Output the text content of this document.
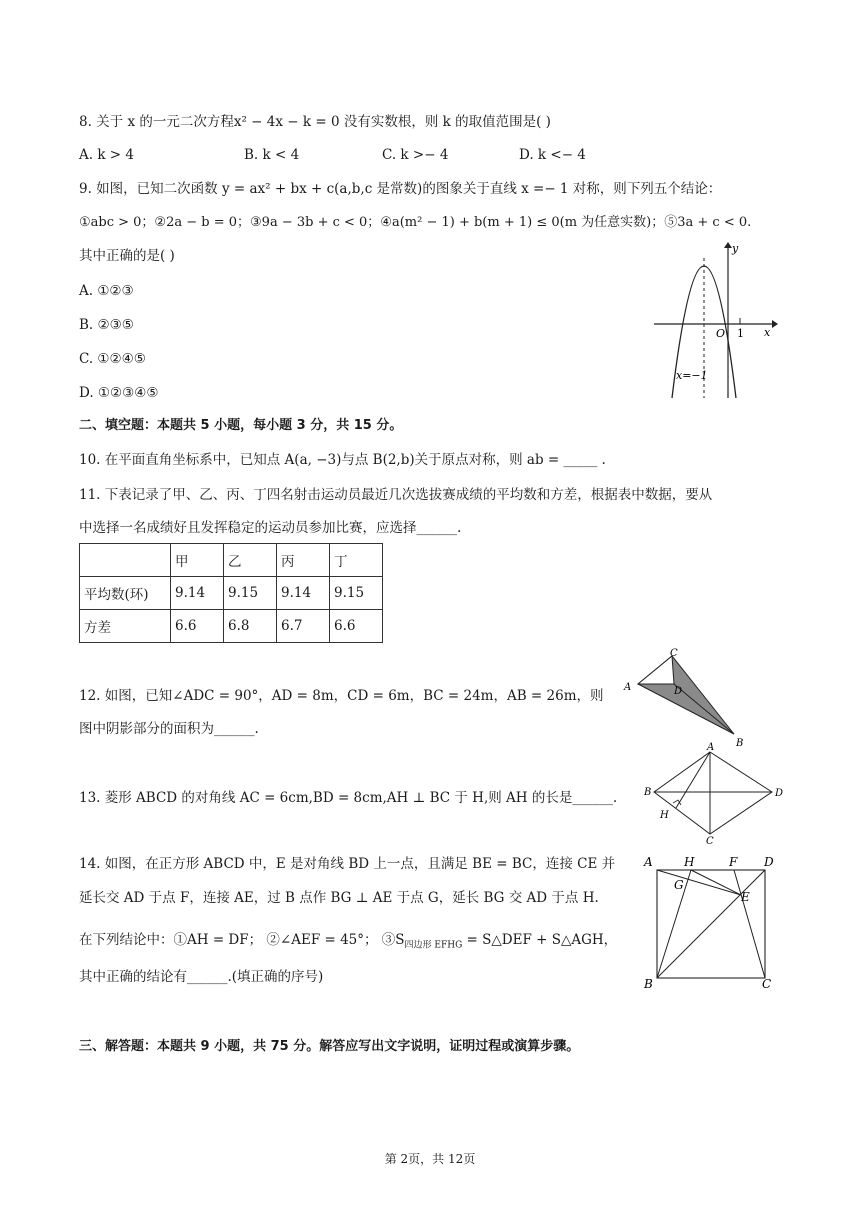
8. 关于 x 的一元二次方程x² − 4x − k = 0 没有实数根，则 k 的取值范围是( )
A. k > 4	B. k < 4	C. k >− 4	D. k <− 4
9. 如图，已知二次函数 y = ax² + bx + c(a,b,c 是常数)的图象关于直线 x =− 1 对称，则下列五个结论：
①abc > 0；②2a − b = 0；③9a − 3b + c < 0；④a(m² − 1) + b(m + 1) ≤ 0(m 为任意实数)；⑤3a + c < 0.
其中正确的是( )
A. ①②③
B. ②③⑤
C. ①②④⑤
D. ①②③④⑤
y
x
O 1
x=−1
二、填空题：本题共 5 小题，每小题 3 分，共 15 分。
10. 在平面直角坐标系中，已知点 A(a, −3)与点 B(2,b)关于原点对称，则 ab = _____ .
11. 下表记录了甲、乙、丙、丁四名射击运动员最近几次选拔赛成绩的平均数和方差，根据表中数据，要从
中选择一名成绩好且发挥稳定的运动员参加比赛，应选择______.
	甲	乙	丙	丁
平均数(环)	9.14	9.15	9.14	9.15
方差	6.6	6.8	6.7	6.6
12. 如图，已知∠ADC = 90°，AD = 8m，CD = 6m，BC = 24m，AB = 26m，则
图中阴影部分的面积为______.
A
B
C
D
13. 菱形 ABCD 的对角线 AC = 6cm,BD = 8cm,AH ⊥ BC 于 H,则 AH 的长是______.
A
B
C
D
H
14. 如图，在正方形 ABCD 中，E 是对角线 BD 上一点，且满足 BE = BC，连接 CE 并
延长交 AD 于点 F，连接 AE，过 B 点作 BG ⊥ AE 于点 G，延长 BG 交 AD 于点 H.
在下列结论中：①AH = DF； ②∠AEF = 45°； $③S_{四边形 EFHG}$ = S△DEF + S△AGH，
其中正确的结论有______.(填正确的序号)
A	H	F D
G
E
B	C
三、解答题：本题共 9 小题，共 75 分。解答应写出文字说明，证明过程或演算步骤。
第 2页，共 12页
